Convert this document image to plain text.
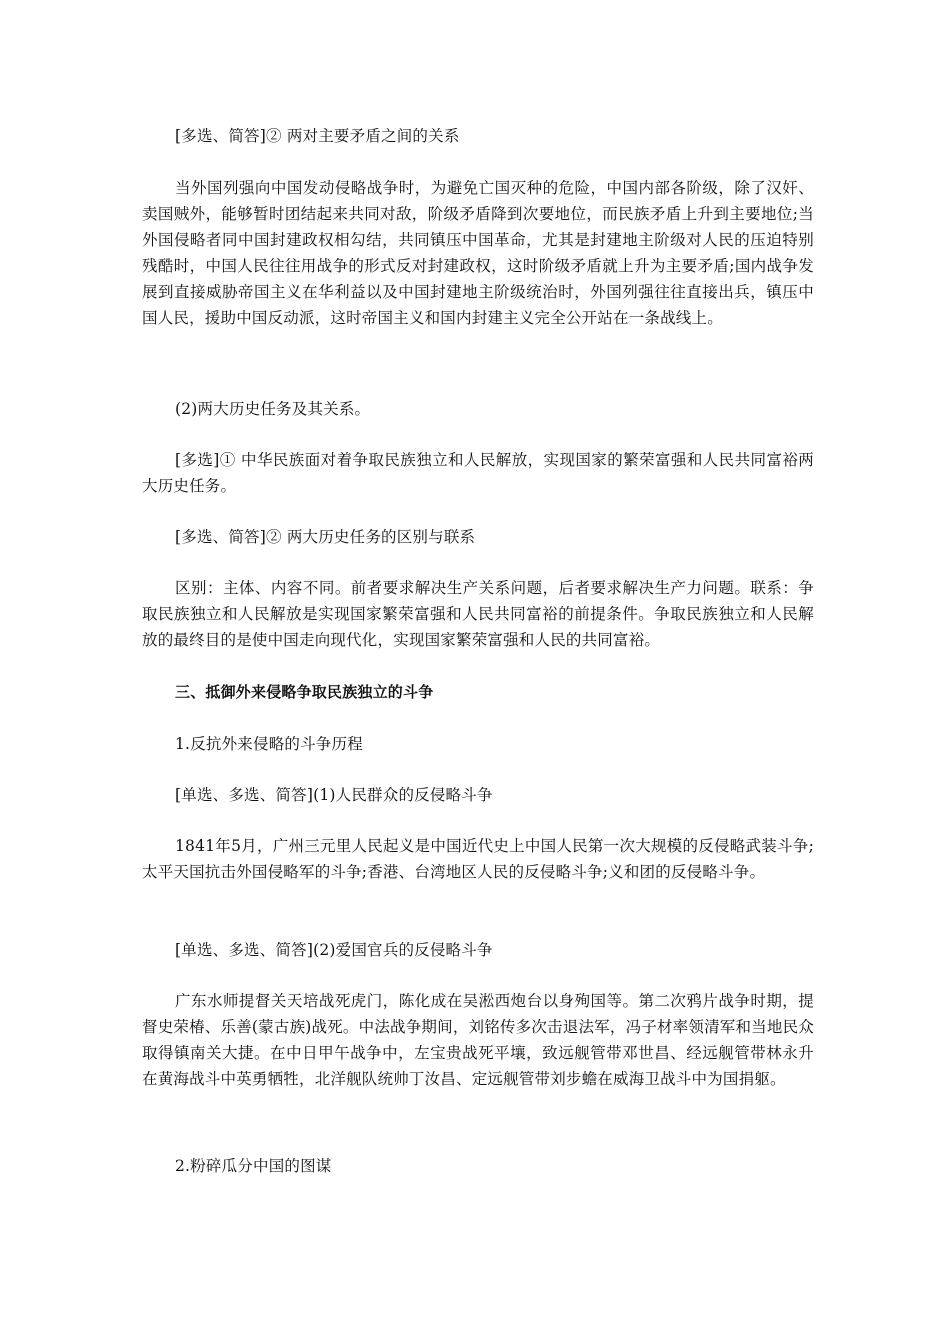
[多选、简答]② 两对主要矛盾之间的关系

当外国列强向中国发动侵略战争时，为避免亡国灭种的危险，中国内部各阶级，除了汉奸、卖国贼外，能够暂时团结起来共同对敌，阶级矛盾降到次要地位，而民族矛盾上升到主要地位;当外国侵略者同中国封建政权相勾结，共同镇压中国革命，尤其是封建地主阶级对人民的压迫特别残酷时，中国人民往往用战争的形式反对封建政权，这时阶级矛盾就上升为主要矛盾;国内战争发展到直接威胁帝国主义在华利益以及中国封建地主阶级统治时，外国列强往往直接出兵，镇压中国人民，援助中国反动派，这时帝国主义和国内封建主义完全公开站在一条战线上。

(2)两大历史任务及其关系。

[多选]① 中华民族面对着争取民族独立和人民解放，实现国家的繁荣富强和人民共同富裕两大历史任务。

[多选、简答]② 两大历史任务的区别与联系

区别：主体、内容不同。前者要求解决生产关系问题，后者要求解决生产力问题。联系：争取民族独立和人民解放是实现国家繁荣富强和人民共同富裕的前提条件。争取民族独立和人民解放的最终目的是使中国走向现代化，实现国家繁荣富强和人民的共同富裕。

三、抵御外来侵略争取民族独立的斗争

1.反抗外来侵略的斗争历程

[单选、多选、简答](1)人民群众的反侵略斗争

1841年5月，广州三元里人民起义是中国近代史上中国人民第一次大规模的反侵略武装斗争;太平天国抗击外国侵略军的斗争;香港、台湾地区人民的反侵略斗争;义和团的反侵略斗争。

[单选、多选、简答](2)爱国官兵的反侵略斗争

广东水师提督关天培战死虎门，陈化成在吴淞西炮台以身殉国等。第二次鸦片战争时期，提督史荣椿、乐善(蒙古族)战死。中法战争期间，刘铭传多次击退法军，冯子材率领清军和当地民众取得镇南关大捷。在中日甲午战争中，左宝贵战死平壤，致远舰管带邓世昌、经远舰管带林永升在黄海战斗中英勇牺牲，北洋舰队统帅丁汝昌、定远舰管带刘步蟾在威海卫战斗中为国捐躯。

2.粉碎瓜分中国的图谋
